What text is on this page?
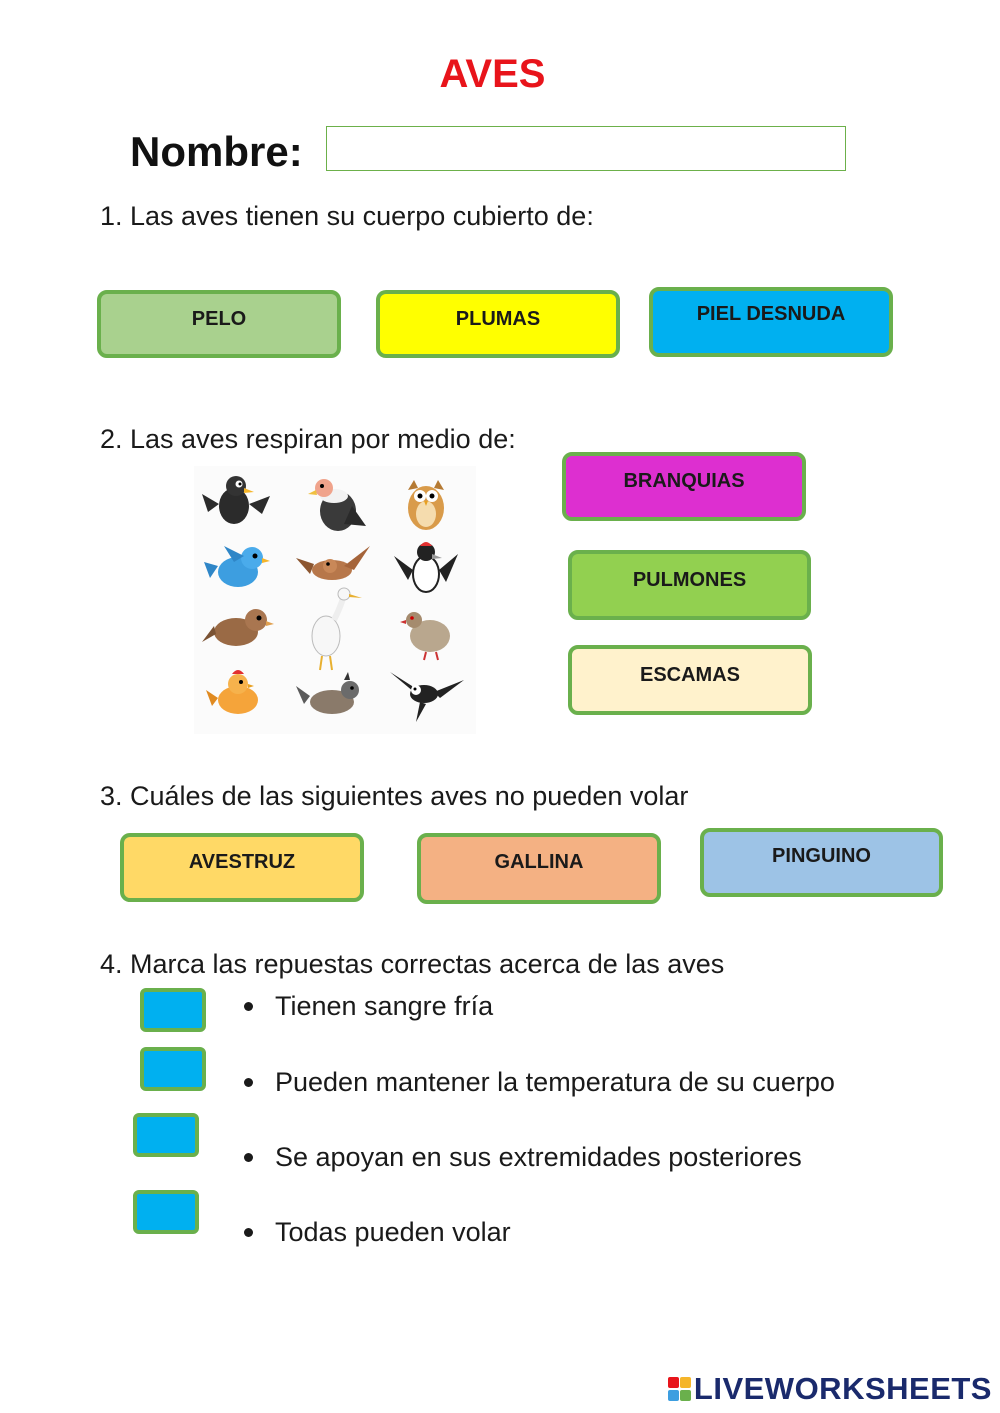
AVES
Nombre:
1. Las aves tienen su cuerpo cubierto de:
PELO	PLUMAS	PIEL DESNUDA
2. Las aves respiran por medio de:
BRANQUIAS
PULMONES
ESCAMAS
3. Cuáles de las siguientes aves no pueden volar
AVESTRUZ	GALLINA	PINGUINO
4. Marca las repuestas correctas acerca de las aves
Tienen sangre fría
Pueden mantener la temperatura de su cuerpo
Se apoyan en sus extremidades posteriores
Todas pueden volar
LIVEWORKSHEETS
